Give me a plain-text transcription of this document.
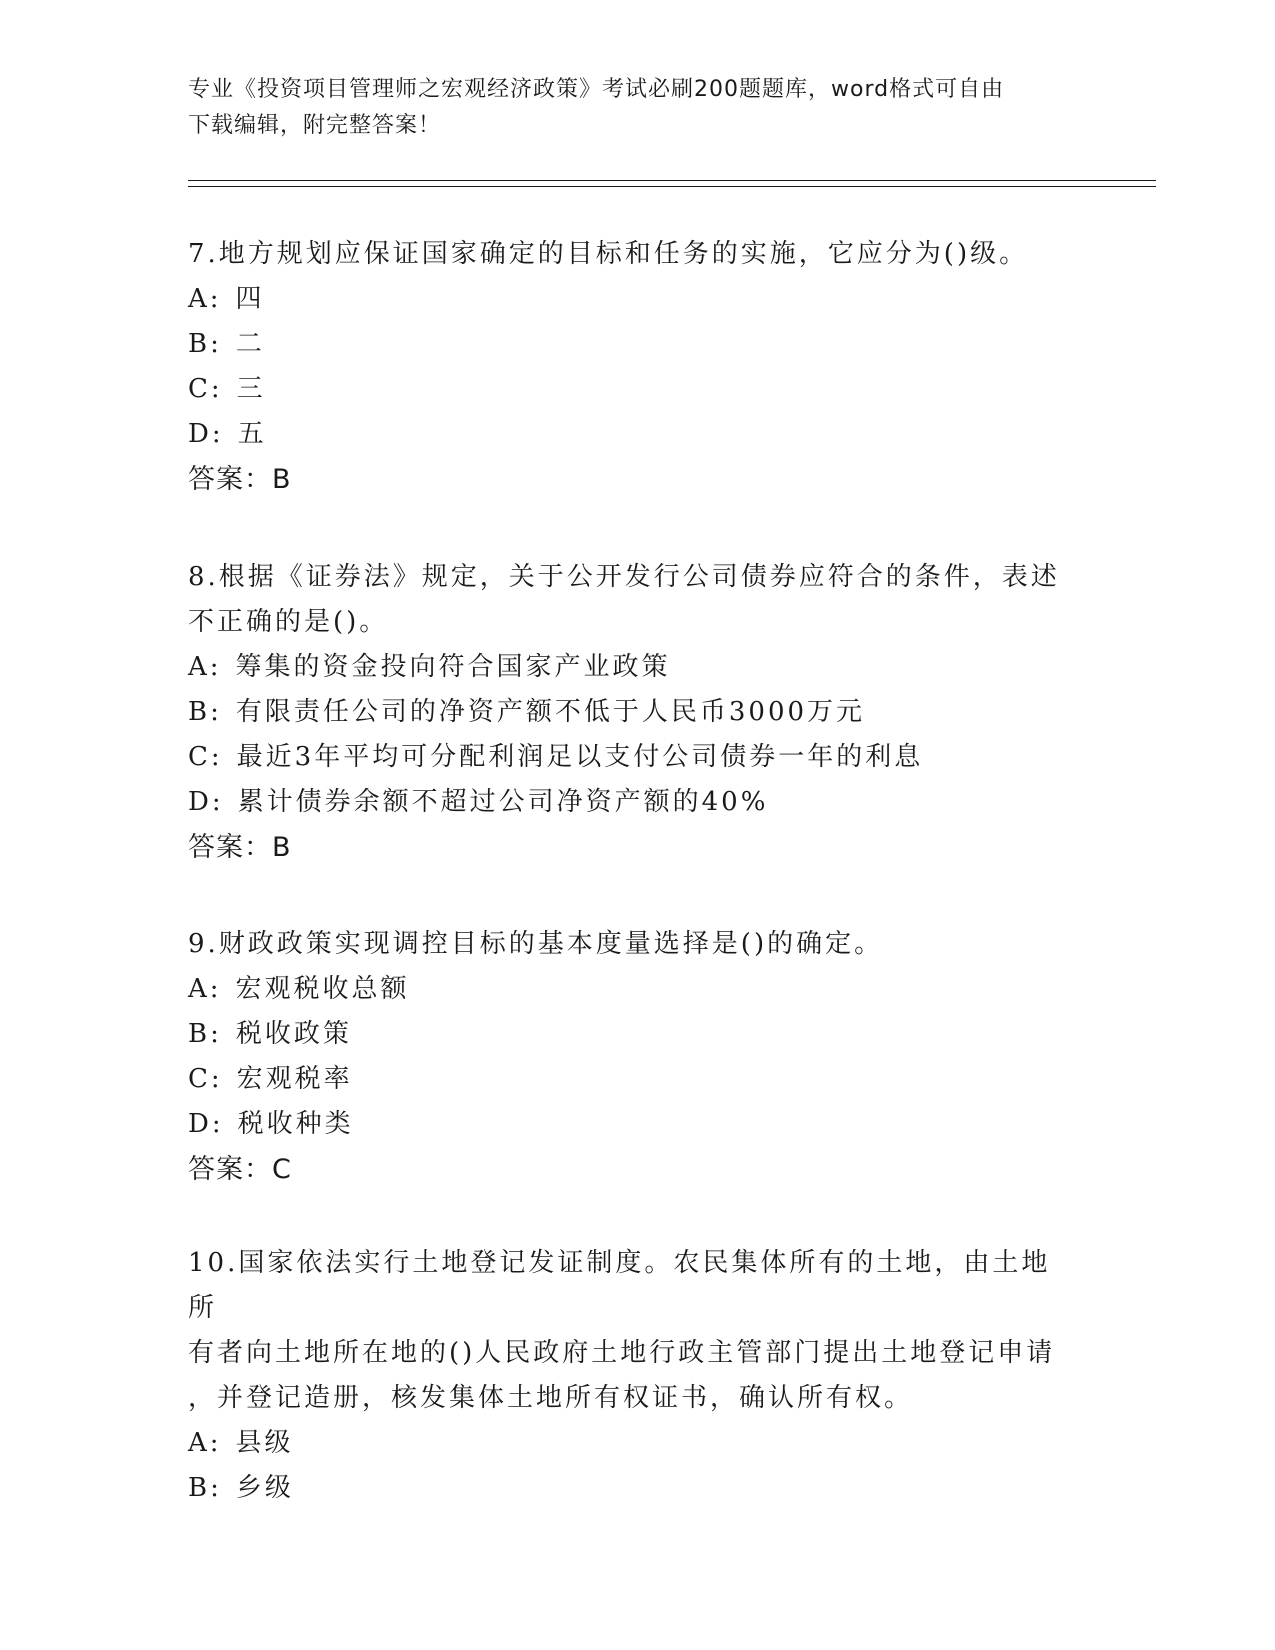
专业《投资项目管理师之宏观经济政策》考试必刷200题题库，word格式可自由
下载编辑，附完整答案！

7.地方规划应保证国家确定的目标和任务的实施，它应分为()级。

A: 四

B: 二

C: 三

D: 五

答案：B

8.根据《证券法》规定，关于公开发行公司债券应符合的条件，表述

不正确的是()。

A: 筹集的资金投向符合国家产业政策

B: 有限责任公司的净资产额不低于人民币3000万元

C: 最近3年平均可分配利润足以支付公司债券一年的利息

D: 累计债券余额不超过公司净资产额的40%

答案：B

9.财政政策实现调控目标的基本度量选择是()的确定。

A: 宏观税收总额

B: 税收政策

C: 宏观税率

D: 税收种类

答案：C

10.国家依法实行土地登记发证制度。农民集体所有的土地，由土地所

有者向土地所在地的()人民政府土地行政主管部门提出土地登记申请

，并登记造册，核发集体土地所有权证书，确认所有权。

A: 县级

B: 乡级
